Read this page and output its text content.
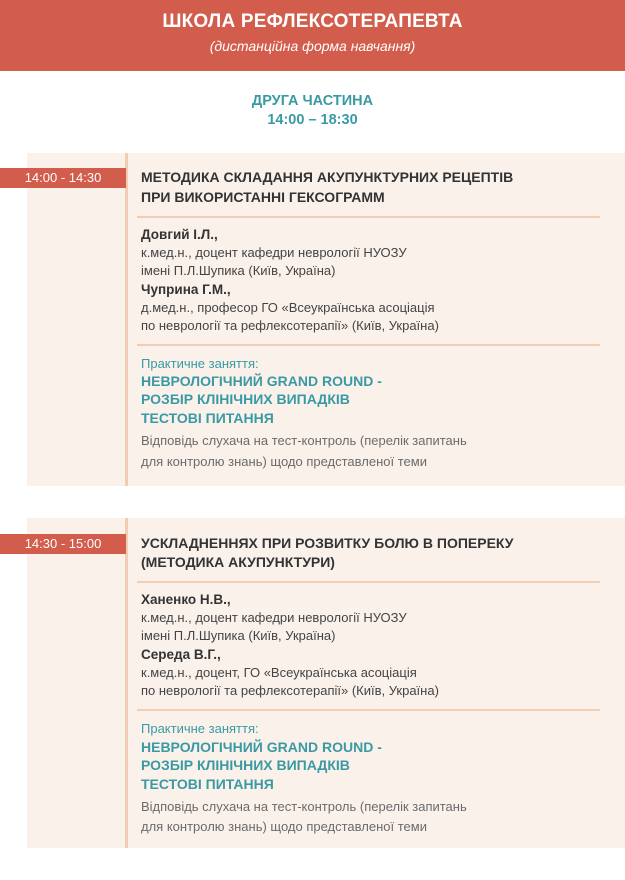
ШКОЛА РЕФЛЕКСОТЕРАПЕВТА
(дистанційна форма навчання)
ДРУГА ЧАСТИНА
14:00 – 18:30
14:00 - 14:30	МЕТОДИКА СКЛАДАННЯ АКУПУНКТУРНИХ РЕЦЕПТІВ
ПРИ ВИКОРИСТАННІ ГЕКСОГРАММ
Довгий І.Л.,
к.мед.н., доцент кафедри неврології НУОЗУ
імені П.Л.Шупика (Київ, Україна)
Чуприна Г.М.,
д.мед.н., професор ГО «Всеукраїнська асоціація
по неврології та рефлексотерапії» (Київ, Україна)
Практичне заняття:
НЕВРОЛОГІЧНИЙ GRAND ROUND -
РОЗБІР КЛІНІЧНИХ ВИПАДКІВ
ТЕСТОВІ ПИТАННЯ
Відповідь слухача на тест-контроль (перелік запитань
для контролю знань) щодо представленої теми
14:30 - 15:00	УСКЛАДНЕННЯХ ПРИ РОЗВИТКУ БОЛЮ В ПОПЕРЕКУ
(МЕТОДИКА АКУПУНКТУРИ)
Ханенко Н.В.,
к.мед.н., доцент кафедри неврології НУОЗУ
імені П.Л.Шупика (Київ, Україна)
Середа В.Г.,
к.мед.н., доцент, ГО «Всеукраїнська асоціація
по неврології та рефлексотерапії» (Київ, Україна)
Практичне заняття:
НЕВРОЛОГІЧНИЙ GRAND ROUND -
РОЗБІР КЛІНІЧНИХ ВИПАДКІВ
ТЕСТОВІ ПИТАННЯ
Відповідь слухача на тест-контроль (перелік запитань
для контролю знань) щодо представленої теми
